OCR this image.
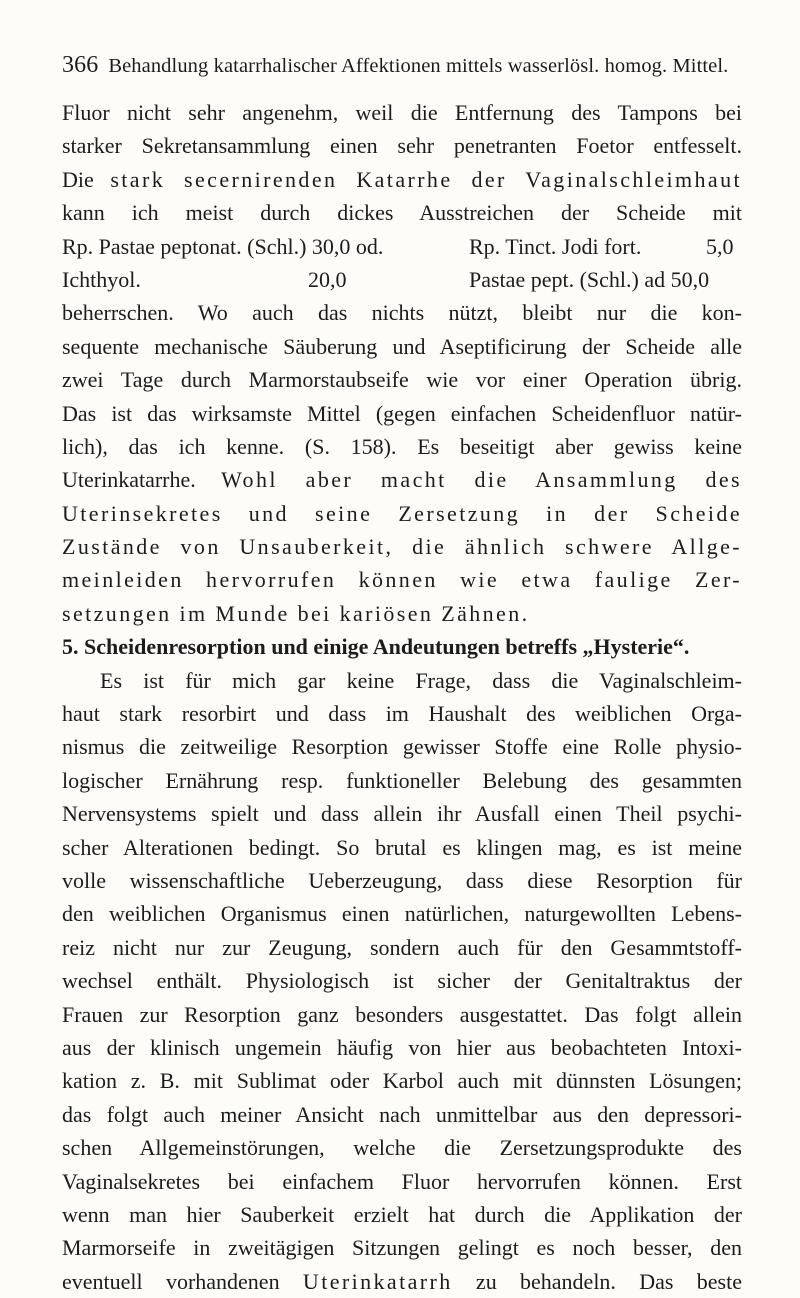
366 Behandlung katarrhalischer Affektionen mittels wasserlösl. homog. Mittel.
Fluor nicht sehr angenehm, weil die Entfernung des Tampons bei
starker Sekretansammlung einen sehr penetranten Foetor entfesselt.
Die stark secernirenden Katarrhe der Vaginalschleimhaut
kann ich meist durch dickes Ausstreichen der Scheide mit
Rp. Pastae peptonat. (Schl.) 30,0 od.	Rp. Tinct. Jodi fort.	5,0
Ichthyol.	20,0	Pastae pept. (Schl.) ad 50,0
beherrschen. Wo auch das nichts nützt, bleibt nur die kon-
sequente mechanische Säuberung und Aseptificirung der Scheide alle
zwei Tage durch Marmorstaubseife wie vor einer Operation übrig.
Das ist das wirksamste Mittel (gegen einfachen Scheidenfluor natür-
lich), das ich kenne. (S. 158). Es beseitigt aber gewiss keine
Uterinkatarrhe. Wohl aber macht die Ansammlung des
Uterinsekretes und seine Zersetzung in der Scheide
Zustände von Unsauberkeit, die ähnlich schwere Allge-
meinleiden hervorrufen können wie etwa faulige Zer-
setzungen im Munde bei kariösen Zähnen.
5. Scheidenresorption und einige Andeutungen betreffs „Hysterie“.
Es ist für mich gar keine Frage, dass die Vaginalschleim-
haut stark resorbirt und dass im Haushalt des weiblichen Orga-
nismus die zeitweilige Resorption gewisser Stoffe eine Rolle physio-
logischer Ernährung resp. funktioneller Belebung des gesammten
Nervensystems spielt und dass allein ihr Ausfall einen Theil psychi-
scher Alterationen bedingt. So brutal es klingen mag, es ist meine
volle wissenschaftliche Ueberzeugung, dass diese Resorption für
den weiblichen Organismus einen natürlichen, naturgewollten Lebens-
reiz nicht nur zur Zeugung, sondern auch für den Gesammtstoff-
wechsel enthält. Physiologisch ist sicher der Genitaltraktus der
Frauen zur Resorption ganz besonders ausgestattet. Das folgt allein
aus der klinisch ungemein häufig von hier aus beobachteten Intoxi-
kation z. B. mit Sublimat oder Karbol auch mit dünnsten Lösungen;
das folgt auch meiner Ansicht nach unmittelbar aus den depressori-
schen Allgemeinstörungen, welche die Zersetzungsprodukte des
Vaginalsekretes bei einfachem Fluor hervorrufen können. Erst
wenn man hier Sauberkeit erzielt hat durch die Applikation der
Marmorseife in zweitägigen Sitzungen gelingt es noch besser, den
eventuell vorhandenen Uterinkatarrh zu behandeln. Das beste
